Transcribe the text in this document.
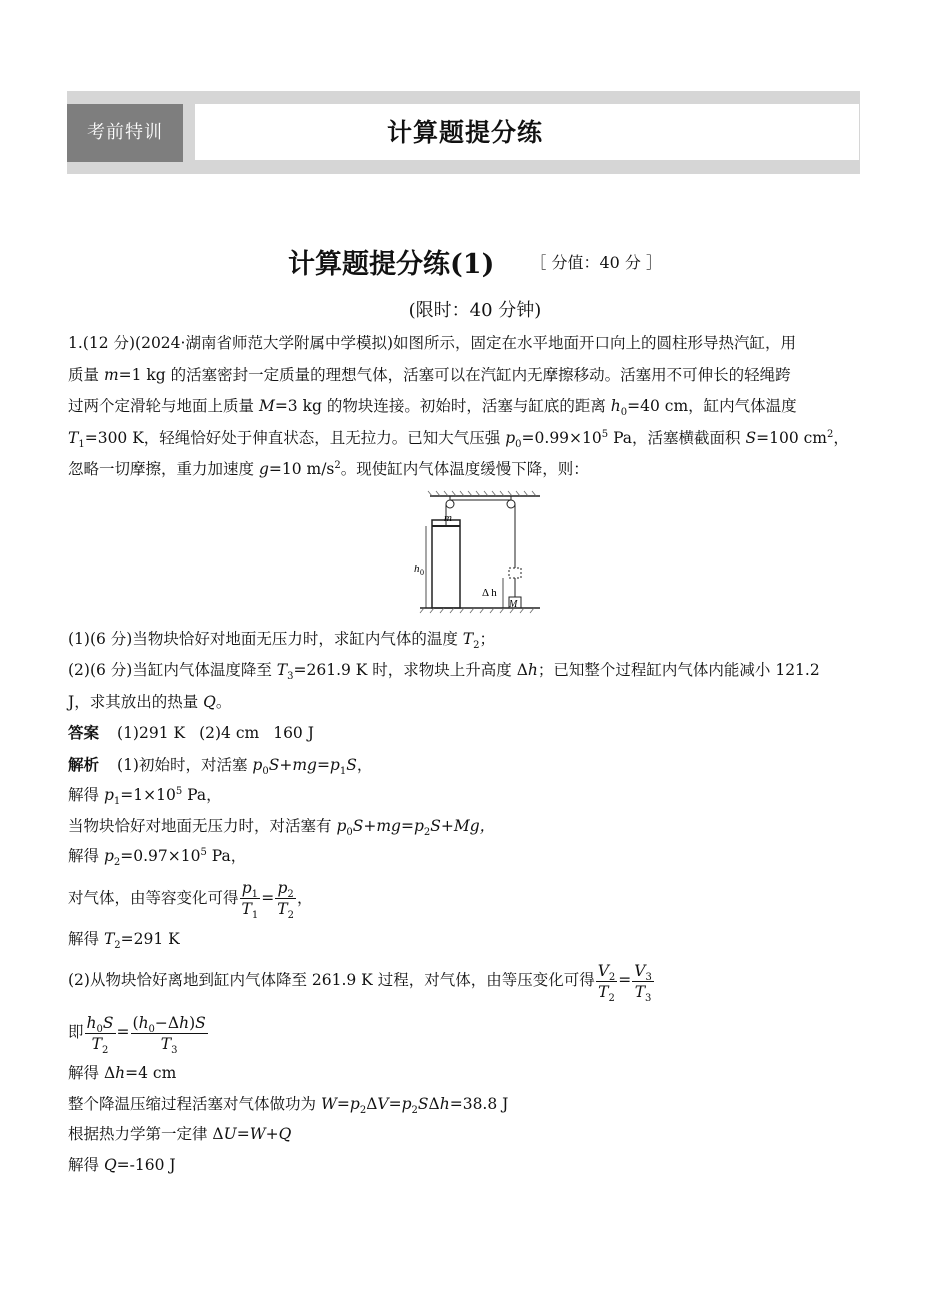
考前特训	计算题提分练
计算题提分练(1) ［ 分值：40 分 ］
(限时：40 分钟)

1.(12 分)(2024·湖南省师范大学附属中学模拟)如图所示，固定在水平地面开口向上的圆柱形导热汽缸，用

质量 m=1 kg 的活塞密封一定质量的理想气体，活塞可以在汽缸内无摩擦移动。活塞用不可伸长的轻绳跨

过两个定滑轮与地面上质量 M=3 kg 的物块连接。初始时，活塞与缸底的距离 $h_0=40$ cm，缸内气体温度

$T_1=300$ K，轻绳恰好处于伸直状态，且无拉力。已知大气压强 $p_0=0.99\times 10^5$ Pa，活塞横截面积 S=100 $cm^2$，

忽略一切摩擦，重力加速度 g=10 $m/s^2$。现使缸内气体温度缓慢下降，则：

m
h 0
M
Δ h

(1)(6 分)当物块恰好对地面无压力时，求缸内气体的温度 $T_2$；

(2)(6 分)当缸内气体温度降至 $T_3=261.9$ K 时，求物块上升高度 Δh；已知整个过程缸内气体内能减小 121.2

J，求其放出的热量 Q。

答案 (1)291 K (2)4 cm 160 J

解析 (1)初始时，对活塞 $p_0S+mg=p_1S$，

解得 $p_1=1\times 10^5$ Pa，

当物块恰好对地面无压力时，对活塞有 $p_0S+mg=p_2S+Mg$，

解得 $p_2=0.97\times 10^5$ Pa，

对气体，由等容变化可得 $\frac{p_1}{T_1} = \frac{p_2}{T_2}$ ，

解得 $T_2=291$ K

(2)从物块恰好离地到缸内气体降至 261.9 K 过程，对气体，由等压变化可得 $\frac{V_2}{T_2} = \frac{V_3}{T_3}$

即 $\frac{h_0S}{T_2} = \frac{(h_0-\Delta h)S}{T_3}$

解得 Δh=4 cm

整个降温压缩过程活塞对气体做功为 $W=p_2\Delta V=p_2S\Delta h=38.8$ J

根据热力学第一定律 ΔU=W+Q

解得 Q=-160 J
